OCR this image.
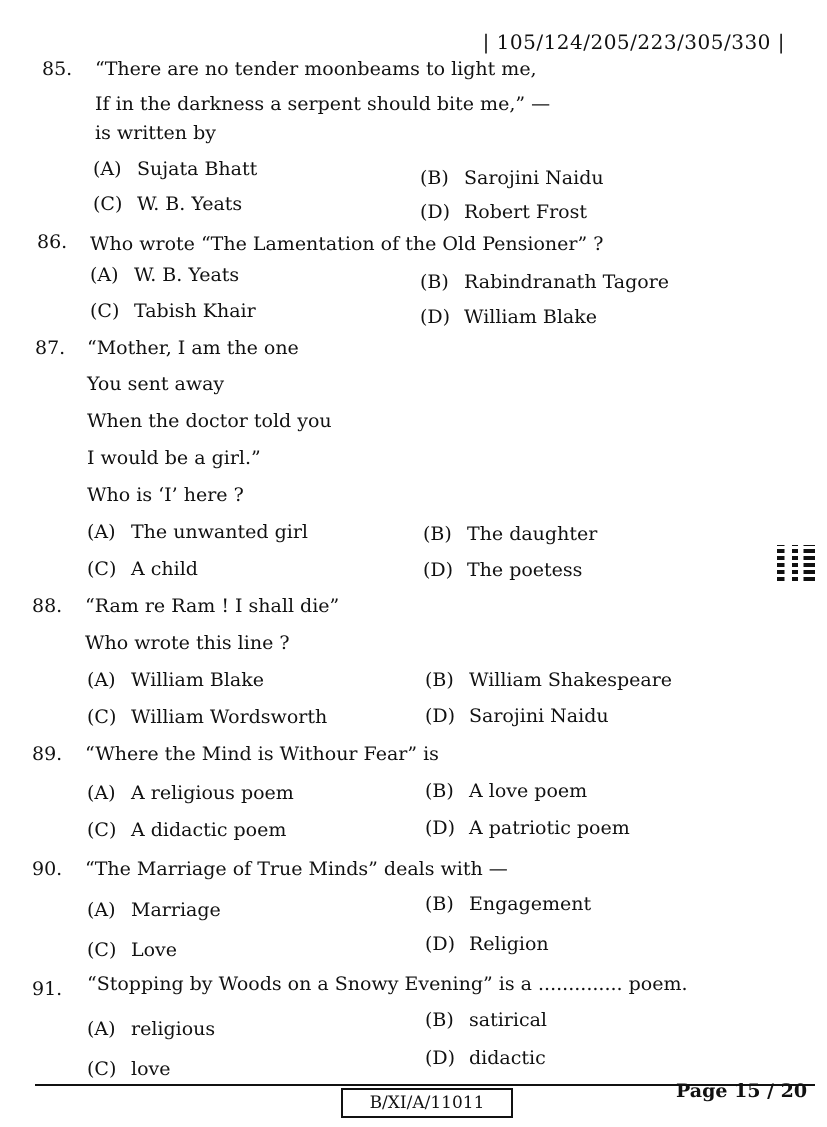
| 105/124/205/223/305/330 |
85. “There are no tender moonbeams to light me,
If in the darkness a serpent should bite me,” —
is written by
(A) Sujata Bhatt	(B) Sarojini Naidu
(C) W. B. Yeats	(D) Robert Frost
86. Who wrote “The Lamentation of the Old Pensioner” ?
(A) W. B. Yeats	(B) Rabindranath Tagore
(C) Tabish Khair	(D) William Blake
87. “Mother, I am the one
You sent away
When the doctor told you
I would be a girl.”
Who is ‘I’ here ?
(A) The unwanted girl	(B) The daughter
(C) A child	(D) The poetess
88. “Ram re Ram ! I shall die”
Who wrote this line ?
(A) William Blake	(B) William Shakespeare
(C) William Wordsworth	(D) Sarojini Naidu
89. “Where the Mind is Withour Fear” is
(A) A religious poem	(B) A love poem
(C) A didactic poem	(D) A patriotic poem
90. “The Marriage of True Minds” deals with —
(A) Marriage	(B) Engagement
(C) Love	(D) Religion
91. “Stopping by Woods on a Snowy Evening” is a .............. poem.
(A) religious	(B) satirical
(C) love	(D) didactic
B/XI/A/11011
Page 15 / 20
